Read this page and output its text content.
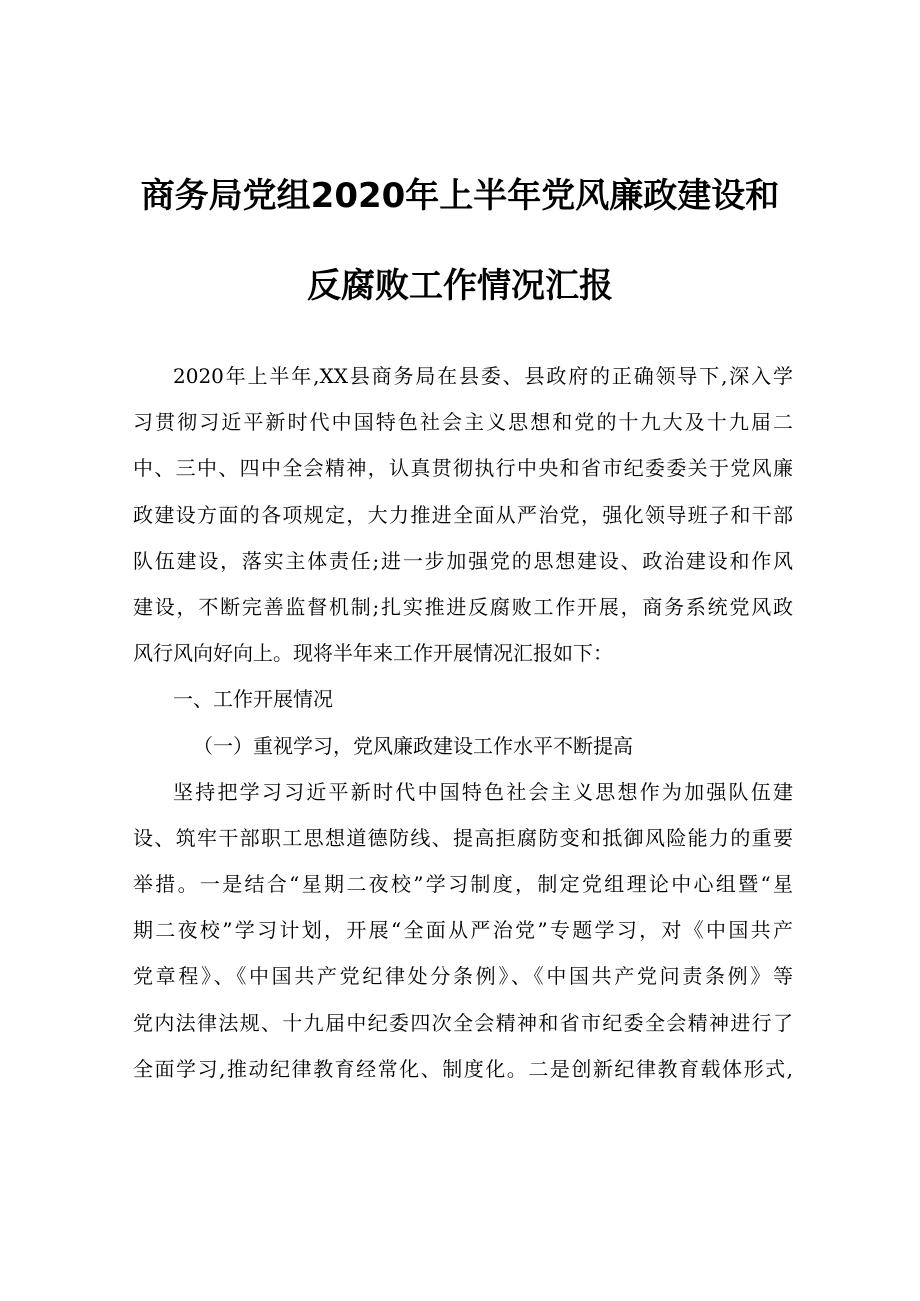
商务局党组2020年上半年党风廉政建设和
反腐败工作情况汇报
2020年上半年,XX县商务局在县委、县政府的正确领导下,深入学
习贯彻习近平新时代中国特色社会主义思想和党的十九大及十九届二
中、三中、四中全会精神，认真贯彻执行中央和省市纪委委关于党风廉
政建设方面的各项规定，大力推进全面从严治党，强化领导班子和干部
队伍建设，落实主体责任;进一步加强党的思想建设、政治建设和作风
建设，不断完善监督机制;扎实推进反腐败工作开展，商务系统党风政
风行风向好向上。现将半年来工作开展情况汇报如下：
一、工作开展情况
（一）重视学习，党风廉政建设工作水平不断提高
坚持把学习习近平新时代中国特色社会主义思想作为加强队伍建
设、筑牢干部职工思想道德防线、提高拒腐防变和抵御风险能力的重要
举措。一是结合“星期二夜校”学习制度，制定党组理论中心组暨“星
期二夜校”学习计划，开展“全面从严治党”专题学习，对《中国共产
党章程》、《中国共产党纪律处分条例》、《中国共产党问责条例》等
党内法律法规、十九届中纪委四次全会精神和省市纪委全会精神进行了
全面学习,推动纪律教育经常化、制度化。二是创新纪律教育载体形式,
